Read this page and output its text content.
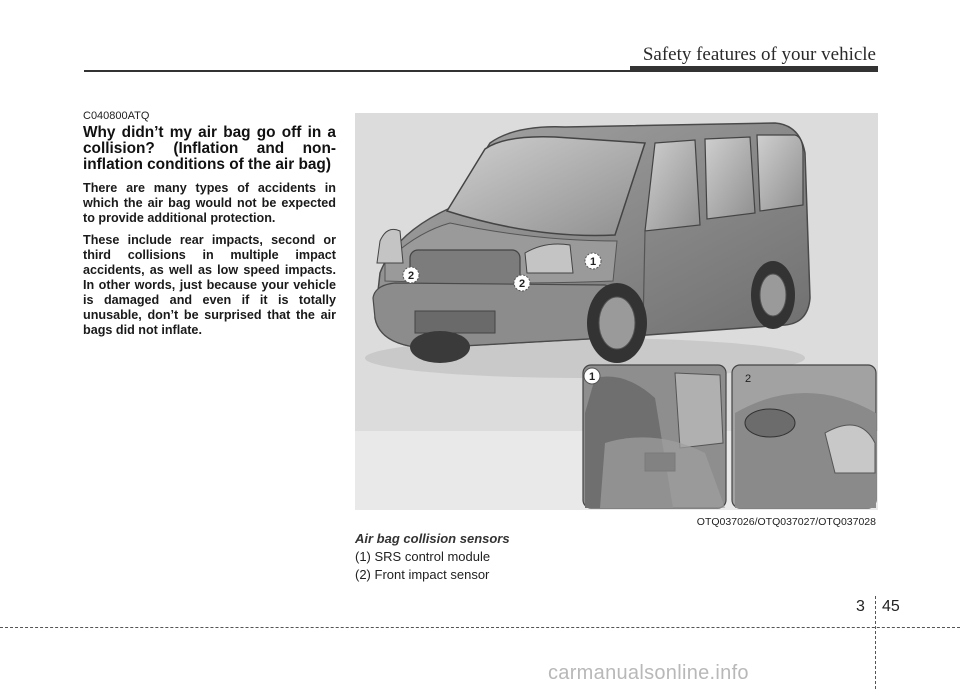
Safety features of your vehicle

C040800ATQ

Why didn’t my air bag go off in a collision? (Inflation and non-inflation conditions of the air bag)

There are many types of accidents in which the air bag would not be expected to provide additional protection.

These include rear impacts, second or third collisions in multiple impact accidents, as well as low speed impacts. In other words, just because your vehicle is damaged and even if it is totally unusable, don’t be surprised that the air bags did not inflate.

1
2
2
1	2
OTQ037026/OTQ037027/OTQ037028
Air bag collision sensors
(1) SRS control module
(2) Front impact sensor
3 45
carmanualsonline.info
